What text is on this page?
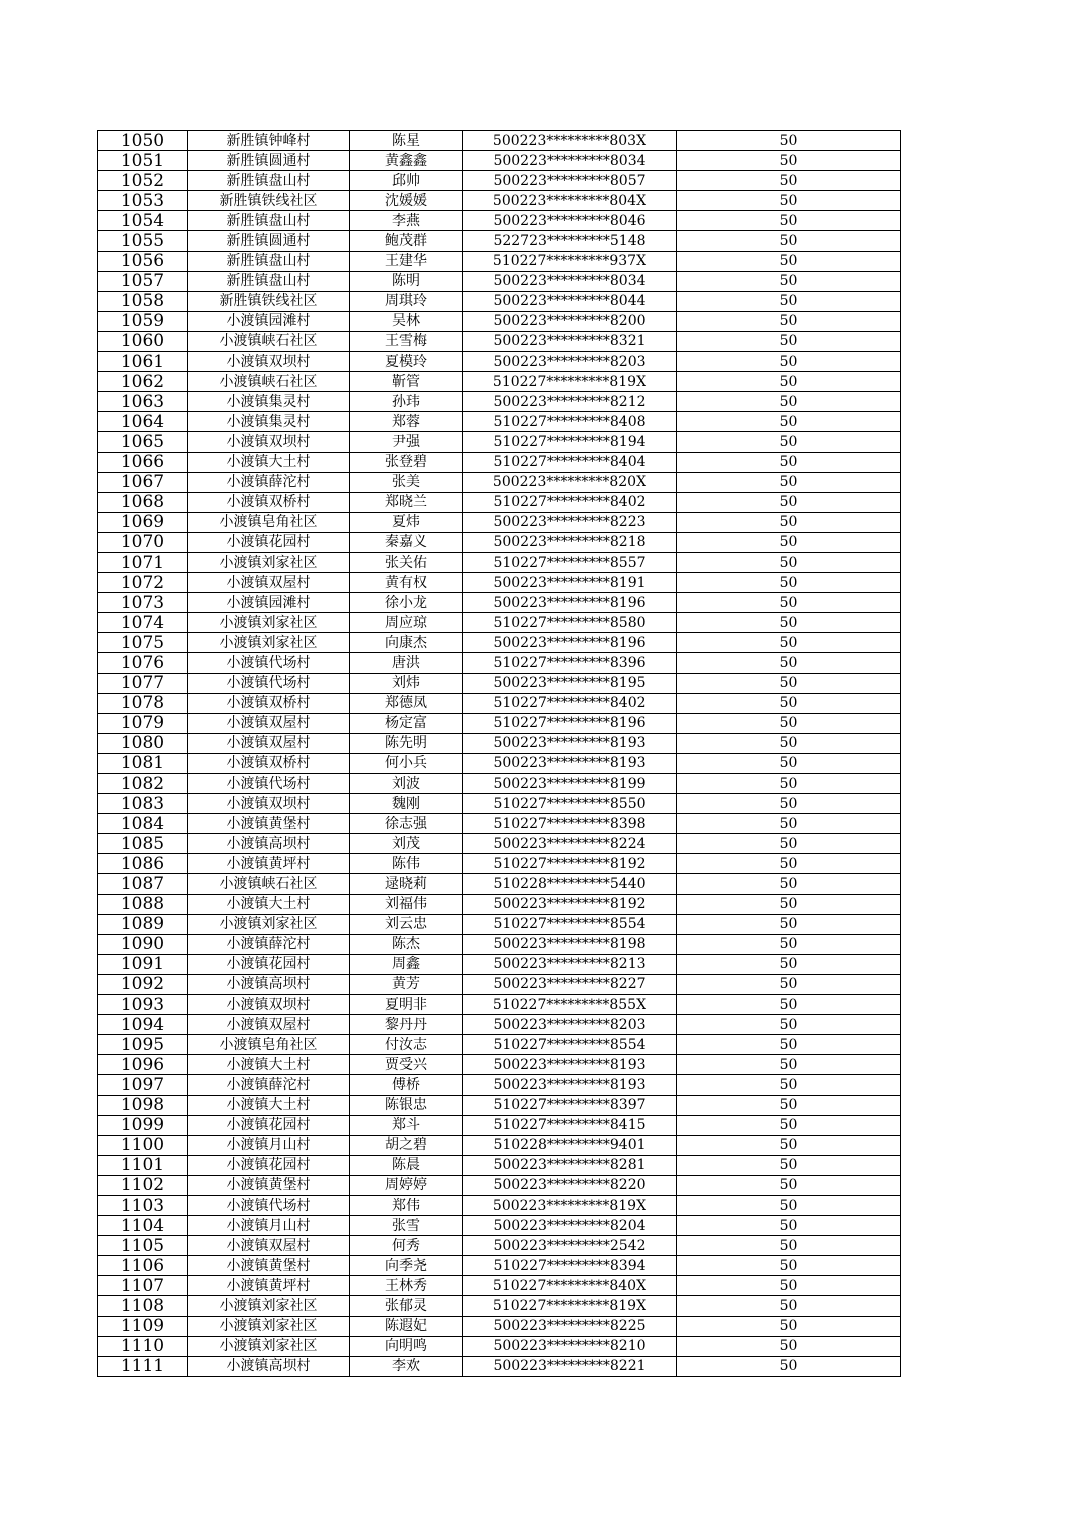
1050	新胜镇钟峰村	陈星	500223*********803X	50
1051	新胜镇圆通村	黄鑫鑫	500223*********8034	50
1052	新胜镇盘山村	邱帅	500223*********8057	50
1053	新胜镇铁线社区	沈媛媛	500223*********804X	50
1054	新胜镇盘山村	李燕	500223*********8046	50
1055	新胜镇圆通村	鲍茂群	522723*********5148	50
1056	新胜镇盘山村	王建华	510227*********937X	50
1057	新胜镇盘山村	陈明	500223*********8034	50
1058	新胜镇铁线社区	周琪玲	500223*********8044	50
1059	小渡镇园滩村	吴林	500223*********8200	50
1060	小渡镇峡石社区	王雪梅	500223*********8321	50
1061	小渡镇双坝村	夏模玲	500223*********8203	50
1062	小渡镇峡石社区	靳管	510227*********819X	50
1063	小渡镇集灵村	孙玮	500223*********8212	50
1064	小渡镇集灵村	郑蓉	510227*********8408	50
1065	小渡镇双坝村	尹强	510227*********8194	50
1066	小渡镇大土村	张登碧	510227*********8404	50
1067	小渡镇薛沱村	张美	500223*********820X	50
1068	小渡镇双桥村	郑晓兰	510227*********8402	50
1069	小渡镇皂角社区	夏炜	500223*********8223	50
1070	小渡镇花园村	秦嘉义	500223*********8218	50
1071	小渡镇刘家社区	张关佑	510227*********8557	50
1072	小渡镇双屋村	黄有权	500223*********8191	50
1073	小渡镇园滩村	徐小龙	500223*********8196	50
1074	小渡镇刘家社区	周应琼	510227*********8580	50
1075	小渡镇刘家社区	向康杰	500223*********8196	50
1076	小渡镇代场村	唐洪	510227*********8396	50
1077	小渡镇代场村	刘炜	500223*********8195	50
1078	小渡镇双桥村	郑德凤	510227*********8402	50
1079	小渡镇双屋村	杨定富	510227*********8196	50
1080	小渡镇双屋村	陈先明	500223*********8193	50
1081	小渡镇双桥村	何小兵	500223*********8193	50
1082	小渡镇代场村	刘波	500223*********8199	50
1083	小渡镇双坝村	魏刚	510227*********8550	50
1084	小渡镇黄堡村	徐志强	510227*********8398	50
1085	小渡镇高坝村	刘茂	500223*********8224	50
1086	小渡镇黄坪村	陈伟	510227*********8192	50
1087	小渡镇峡石社区	逯晓莉	510228*********5440	50
1088	小渡镇大土村	刘福伟	500223*********8192	50
1089	小渡镇刘家社区	刘云忠	510227*********8554	50
1090	小渡镇薛沱村	陈杰	500223*********8198	50
1091	小渡镇花园村	周鑫	500223*********8213	50
1092	小渡镇高坝村	黄芳	500223*********8227	50
1093	小渡镇双坝村	夏明非	510227*********855X	50
1094	小渡镇双屋村	黎丹丹	500223*********8203	50
1095	小渡镇皂角社区	付汝志	510227*********8554	50
1096	小渡镇大土村	贾受兴	500223*********8193	50
1097	小渡镇薛沱村	傅桥	500223*********8193	50
1098	小渡镇大土村	陈银忠	510227*********8397	50
1099	小渡镇花园村	郑斗	510227*********8415	50
1100	小渡镇月山村	胡之碧	510228*********9401	50
1101	小渡镇花园村	陈晨	500223*********8281	50
1102	小渡镇黄堡村	周婷婷	500223*********8220	50
1103	小渡镇代场村	郑伟	500223*********819X	50
1104	小渡镇月山村	张雪	500223*********8204	50
1105	小渡镇双屋村	何秀	500223*********2542	50
1106	小渡镇黄堡村	向季尧	510227*********8394	50
1107	小渡镇黄坪村	王林秀	510227*********840X	50
1108	小渡镇刘家社区	张郁灵	510227*********819X	50
1109	小渡镇刘家社区	陈遐妃	500223*********8225	50
1110	小渡镇刘家社区	向明鸣	500223*********8210	50
1111	小渡镇高坝村	李欢	500223*********8221	50
